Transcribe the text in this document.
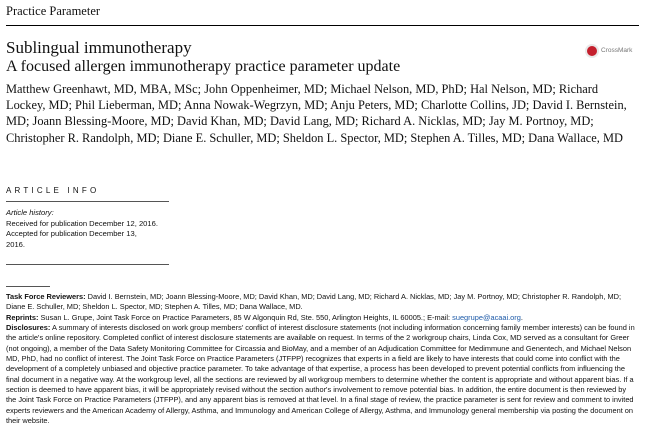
Practice Parameter
Sublingual immunotherapy
A focused allergen immunotherapy practice parameter update
CrossMark
Matthew Greenhawt, MD, MBA, MSc; John Oppenheimer, MD; Michael Nelson, MD, PhD; Hal Nelson, MD; Richard Lockey, MD; Phil Lieberman, MD; Anna Nowak-Wegrzyn, MD; Anju Peters, MD; Charlotte Collins, JD; David I. Bernstein, MD; Joann Blessing-Moore, MD; David Khan, MD; David Lang, MD; Richard A. Nicklas, MD; Jay M. Portnoy, MD; Christopher R. Randolph, MD; Diane E. Schuller, MD; Sheldon L. Spector, MD; Stephen A. Tilles, MD; Dana Wallace, MD
ARTICLE INFO
Article history:
Received for publication December 12, 2016.
Accepted for publication December 13,
2016.

Task Force Reviewers: David I. Bernstein, MD; Joann Blessing-Moore, MD; David Khan, MD; David Lang, MD; Richard A. Nicklas, MD; Jay M. Portnoy, MD; Christopher R. Randolph, MD; Diane E. Schuller, MD; Sheldon L. Spector, MD; Stephen A. Tilles, MD; Dana Wallace, MD.

Reprints: Susan L. Grupe, Joint Task Force on Practice Parameters, 85 W Algonquin Rd, Ste. 550, Arlington Heights, IL 60005.; E-mail: suegrupe@acaai.org.

Disclosures: A summary of interests disclosed on work group members' conflict of interest disclosure statements (not including information concerning family member interests) can be found in the article's online repository. Completed conflict of interest disclosure statements are available on request. In terms of the 2 workgroup chairs, Linda Cox, MD served as a consultant for Greer (not ongoing), a member of the Data Safety Monitoring Committee for Circassia and BioMay, and a member of an Adjudication Committee for Medimmune and Genentech, and Michael Nelson MD, PhD, had no conflict of interest. The Joint Task Force on Practice Parameters (JTFPP) recognizes that experts in a field are likely to have interests that could come into conflict with the development of a completely unbiased and objective practice parameter. To take advantage of that expertise, a process has been developed to prevent potential conflicts from influencing the final document in a negative way. At the workgroup level, all the sections are reviewed by all workgroup members to determine whether the content is appropriate and without apparent bias. If a section is deemed to have apparent bias, it will be appropriately revised without the section author's involvement to remove potential bias. In addition, the entire document is then reviewed by the Joint Task Force on Practice Parameters (JTFPP), and any apparent bias is removed at that level. In a final stage of review, the practice parameter is sent for review and comment to invited experts reviewers and the American Academy of Allergy, Asthma, and Immunology and American College of Allergy, Asthma, and Immunology general membership via posting the document on their website.
